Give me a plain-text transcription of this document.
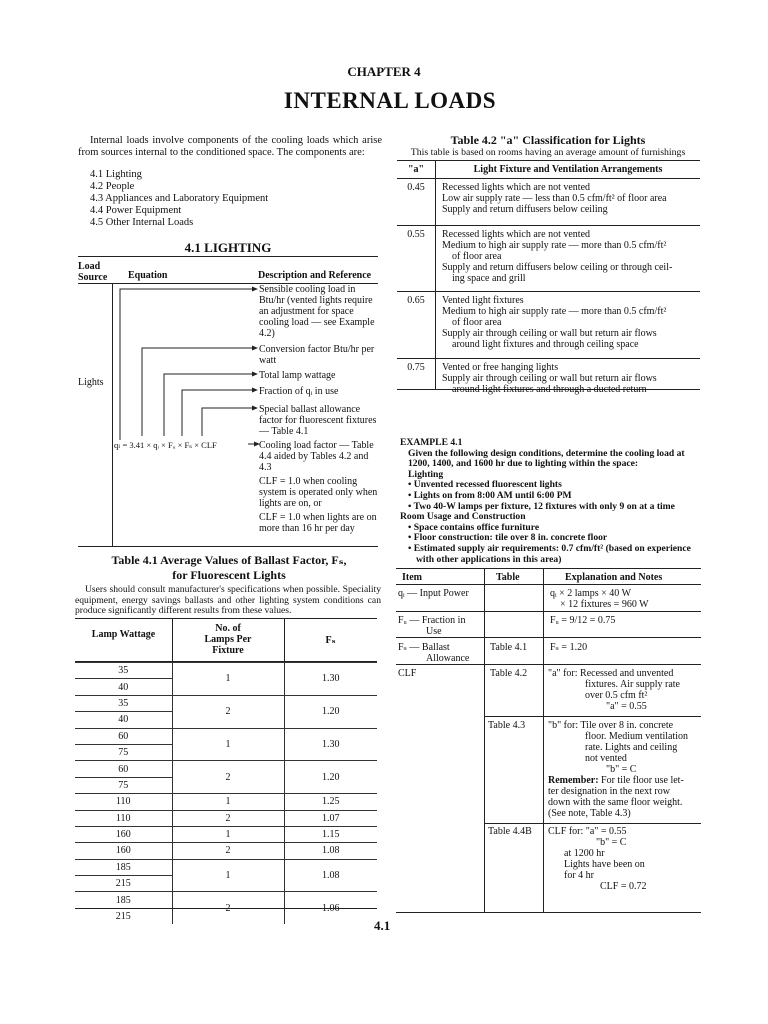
CHAPTER 4
INTERNAL LOADS
Internal loads involve components of the cooling loads which arise from sources internal to the conditioned space. The components are:
4.1 Lighting
4.2 People
4.3 Appliances and Laboratory Equipment
4.4 Power Equipment
4.5 Other Internal Loads
4.1 LIGHTING
Load Source	Equation	Description and Reference
Lights
qₗ = 3.41 × qᵢ × Fᵤ × Fₛ × CLF
Sensible cooling load in Btu/hr (vented lights require an adjustment for space cooling load — see Example 4.2)
Conversion factor Btu/hr per watt
Total lamp wattage
Fraction of qᵢ in use
Special ballast allowance factor for fluorescent fixtures — Table 4.1
Cooling load factor — Table 4.4 aided by Tables 4.2 and 4.3
CLF = 1.0 when cooling system is operated only when lights are on, or
CLF = 1.0 when lights are on more than 16 hr per day
Table 4.1 Average Values of Ballast Factor, Fₛ,
for Fluorescent Lights
Users should consult manufacturer's specifications when possible. Speciality equipment, energy savings ballasts and other lighting system conditions can produce significantly different results from these values.
Lamp Wattage
No. of Lamps Per Fixture
Fₛ
35	1	1.30
40		
35	2	1.20
40		
60	1	1.30
75		
60	2	1.20
75		
110	1	1.25
110	2	1.07
160	1	1.15
160	2	1.08
185	1	1.08
215		
185	2	1.06
215		
Table 4.2 "a" Classification for Lights
This table is based on rooms having an average amount of furnishings
"a"	Light Fixture and Ventilation Arrangements
0.45	Recessed lights which are not vented
Low air supply rate — less than 0.5 cfm/ft² of floor area
Supply and return diffusers below ceiling
0.55	Recessed lights which are not vented
Medium to high air supply rate — more than 0.5 cfm/ft²
of floor area
Supply and return diffusers below ceiling or through ceil-
ing space and grill
0.65	Vented light fixtures
Medium to high air supply rate — more than 0.5 cfm/ft²
of floor area
Supply air through ceiling or wall but return air flows
around light fixtures and through ceiling space
0.75	Vented or free hanging lights
Supply air through ceiling or wall but return air flows
around light fixtures and through a ducted return
EXAMPLE 4.1
Given the following design conditions, determine the cooling load at 1200, 1400, and 1600 hr due to lighting within the space:
Lighting
• Unvented recessed fluorescent lights
• Lights on from 8:00 AM until 6:00 PM
• Two 40-W lamps per fixture, 12 fixtures with only 9 on at a time
Room Usage and Construction
• Space contains office furniture
• Floor construction: tile over 8 in. concrete floor
• Estimated supply air requirements: 0.7 cfm/ft² (based on experience with other applications in this area)
Item	Table	Explanation and Notes
qᵢ — Input Power	qᵢ × 2 lamps × 40 W
× 12 fixtures = 960 W
Fᵤ — Fraction in
Use
Fᵤ = 9/12 = 0.75
Fₛ — Ballast
Allowance
Table 4.1 Fₛ = 1.20
CLF	Table 4.2 "a" for: Recessed and unvented
fixtures. Air supply rate
over 0.5 cfm ft²
"a" = 0.55
Table 4.3 "b" for: Tile over 8 in. concrete
floor. Medium ventilation
rate. Lights and ceiling
not vented
"b" = C
Remember: For tile floor use let-
ter designation in the next row
down with the same floor weight.
(See note, Table 4.3)
Table 4.4B CLF for: "a" = 0.55
"b" = C
at 1200 hr
Lights have been on
for 4 hr
CLF = 0.72
4.1
